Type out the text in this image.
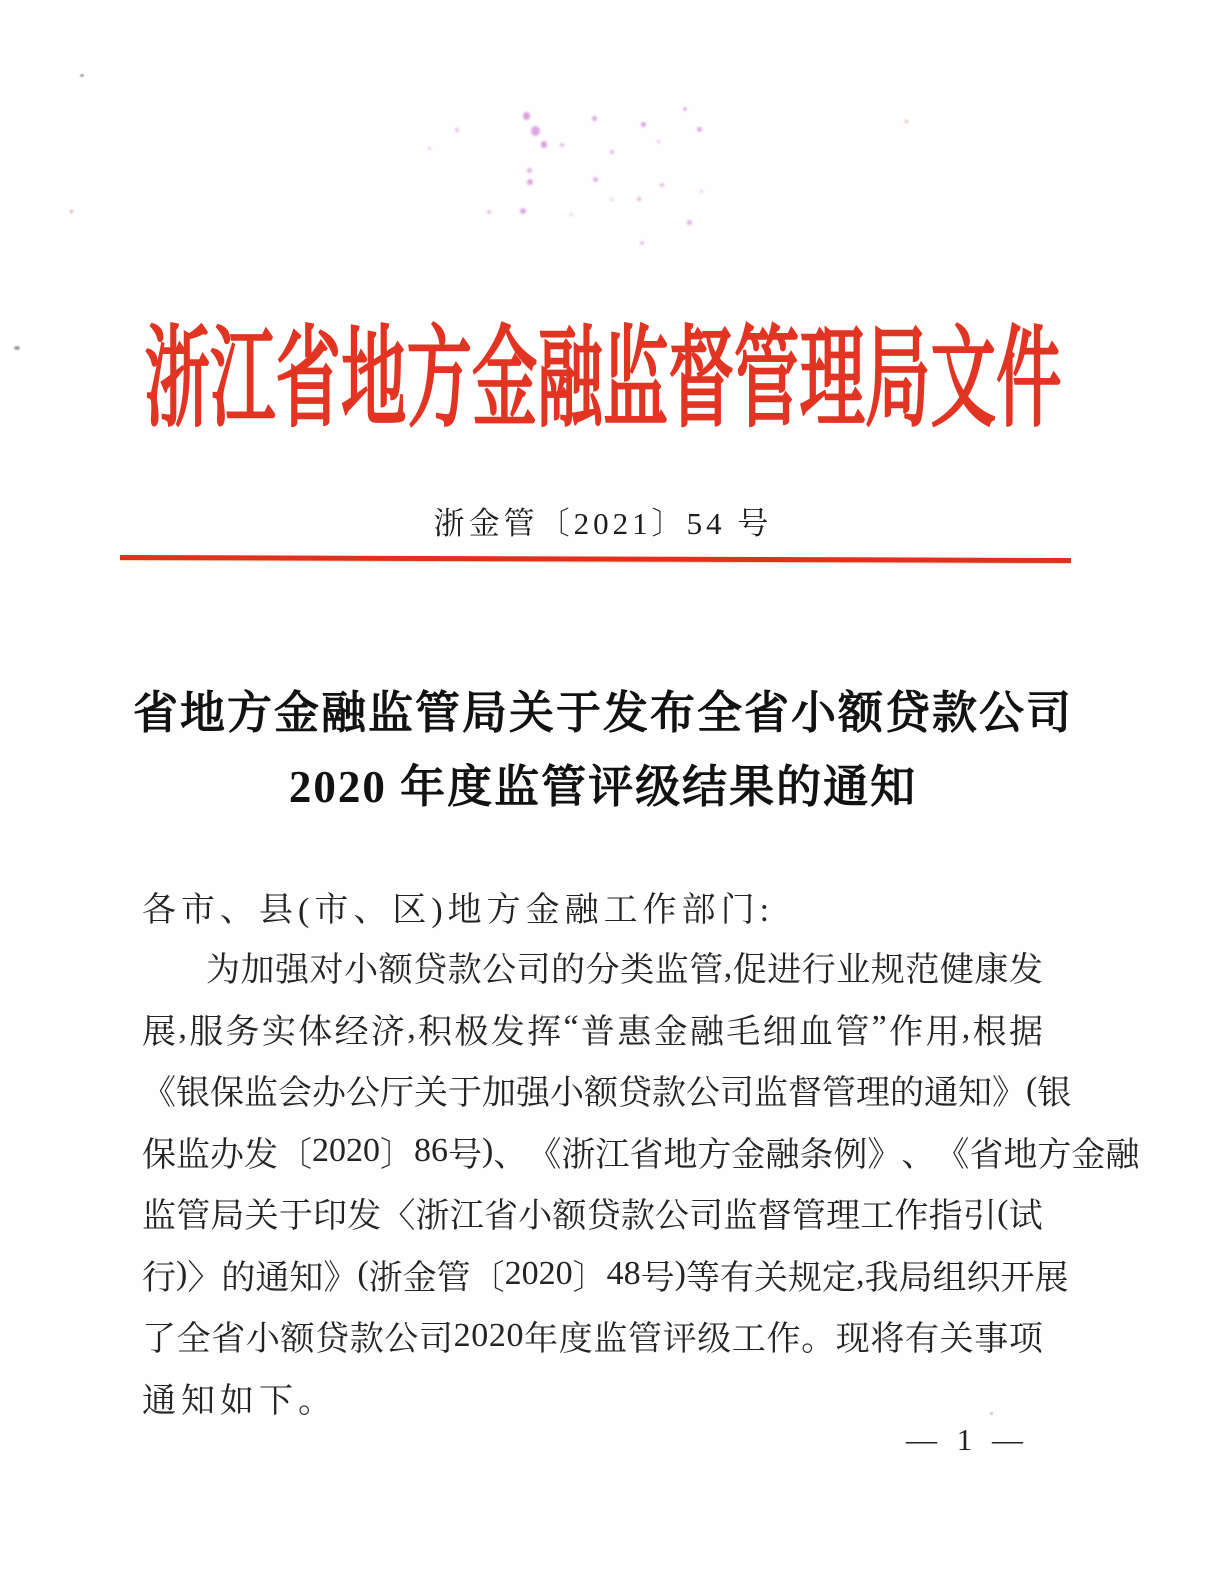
浙江省地方金融监督管理局文件
浙金管〔2021〕54 号
省地方金融监管局关于发布全省小额贷款公司
2020 年度监管评级结果的通知
各市、县(市、区)地方金融工作部门:
为 加 强 对 小 额 贷 款 公 司 的 分 类 监 管 , 促 进 行 业 规 范 健 康 发
展 , 服 务 实 体 经 济 , 积 极 发 挥 “ 普 惠 金 融 毛 细 血 管 ” 作 用 , 根 据
《 银 保 监 会 办 公 厅 关 于 加 强 小 额 贷 款 公 司 监 督 管 理 的 通 知 》 ( 银
保 监 办 发 〔 2 0 2 0 〕 8 6 号 ) 、 《 浙 江 省 地 方 金 融 条 例 》 、 《 省 地 方 金 融
监 管 局 关 于 印 发 〈 浙 江 省 小 额 贷 款 公 司 监 督 管 理 工 作 指 引 ( 试
行 ) 〉 的 通 知 》 ( 浙 金 管 〔 2 0 2 0 〕 4 8 号 ) 等 有 关 规 定 , 我 局 组 织 开 展
了 全 省 小 额 贷 款 公 司 2 0 2 0 年 度 监 管 评 级 工 作 。 现 将 有 关 事 项
通知如下。
— 1 —
